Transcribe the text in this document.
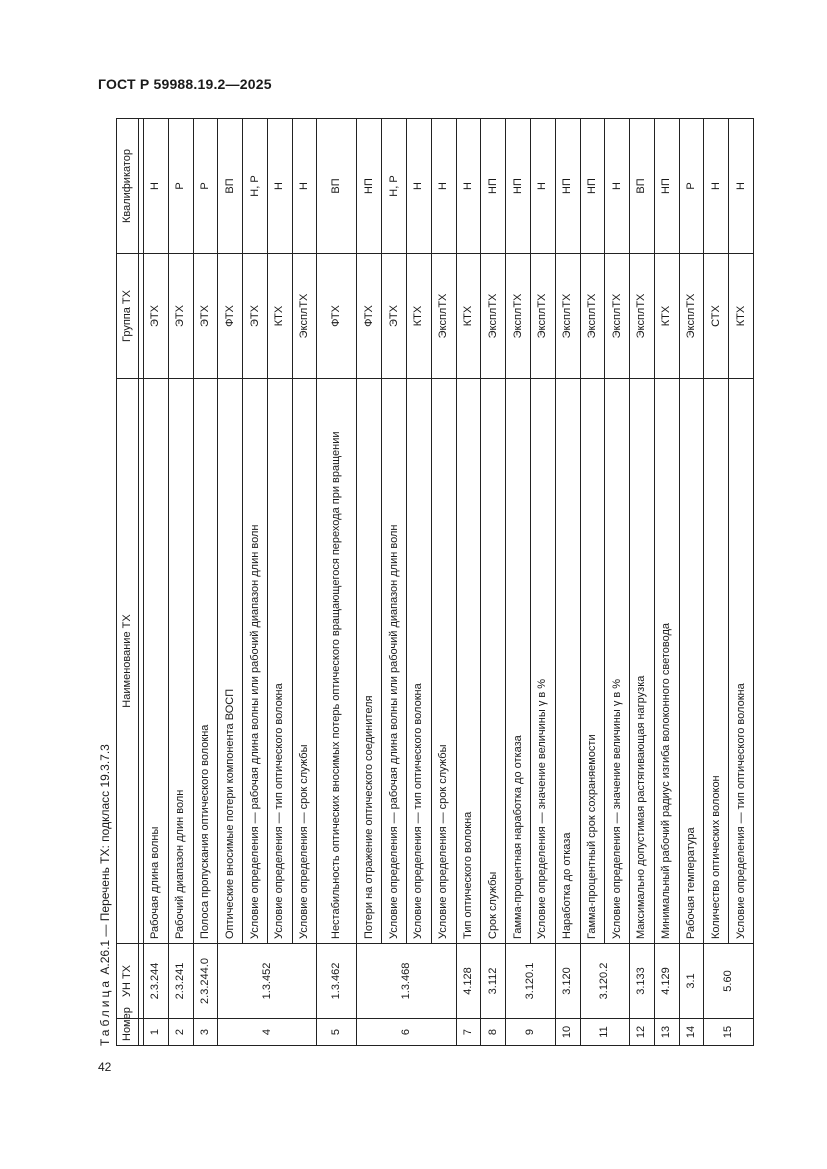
ГОСТ Р 59988.19.2—2025
Таблица А.26.1 — Перечень ТХ: подкласс 19.3.7.3
Номер	УН ТХ	Наименование ТХ	Группа ТХ	Квалификатор

1	2.3.244	Рабочая длина волны	ЭТХ	Н
2	2.3.241	Рабочий диапазон длин волн	ЭТХ	Р
3	2.3.244.0	Полоса пропускания оптического волокна	ЭТХ	Р
4	1.3.452	Оптические вносимые потери компонента ВОСП	ФТХ	ВП
		Условие определения — рабочая длина волны или рабочий диапазон длин волн	ЭТХ	Н, Р
		Условие определения — тип оптического волокна	КТХ	Н
		Условие определения — срок службы	ЭксплТХ	Н
5	1.3.462	Нестабильность оптических вносимых потерь оптического вращающегося перехода при вращении	ФТХ	ВП
6	1.3.468	Потери на отражение оптического соединителя	ФТХ	НП
		Условие определения — рабочая длина волны или рабочий диапазон длин волн	ЭТХ	Н, Р
		Условие определения — тип оптического волокна	КТХ	Н
		Условие определения — срок службы	ЭксплТХ	Н
7	4.128	Тип оптического волокна	КТХ	Н
8	3.112	Срок службы	ЭксплТХ	НП
9	3.120.1	Гамма-процентная наработка до отказа	ЭксплТХ	НП
		Условие определения — значение величины γ в %	ЭксплТХ	Н
10	3.120	Наработка до отказа	ЭксплТХ	НП
11	3.120.2	Гамма-процентный срок сохраняемости	ЭксплТХ	НП
		Условие определения — значение величины γ в %	ЭксплТХ	Н
12	3.133	Максимально допустимая растягивающая нагрузка	ЭксплТХ	ВП
13	4.129	Минимальный рабочий радиус изгиба волоконного световода	КТХ	НП
14	3.1	Рабочая температура	ЭксплТХ	Р
15	5.60	Количество оптических волокон	СТХ	Н
		Условие определения — тип оптического волокна	КТХ	Н
42
